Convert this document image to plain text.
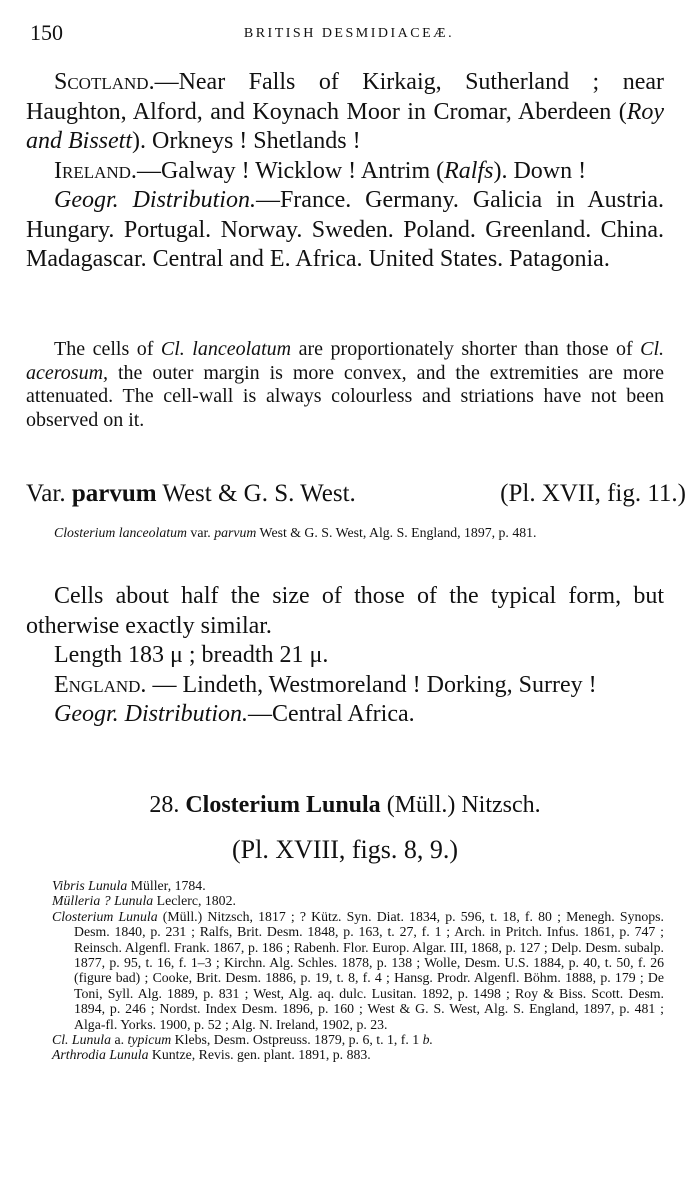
150	BRITISH DESMIDIACEÆ.
Scotland.—Near Falls of Kirkaig, Sutherland ; near Haughton, Alford, and Koynach Moor in Cromar, Aberdeen (Roy and Bissett). Orkneys ! Shetlands !
Ireland.—Galway ! Wicklow ! Antrim (Ralfs). Down !
Geogr. Distribution.—France. Germany. Galicia in Austria. Hungary. Portugal. Norway. Sweden. Poland. Greenland. China. Madagascar. Central and E. Africa. United States. Patagonia.
The cells of Cl. lanceolatum are proportionately shorter than those of Cl. acerosum, the outer margin is more convex, and the extremities are more attenuated. The cell-wall is always colourless and striations have not been observed on it.
Var. parvum West & G. S. West.	(Pl. XVII, fig. 11.)
Closterium lanceolatum var. parvum West & G. S. West, Alg. S. England, 1897, p. 481.
Cells about half the size of those of the typical form, but otherwise exactly similar.
Length 183 μ ; breadth 21 μ.
England. — Lindeth, Westmoreland ! Dorking, Surrey !
Geogr. Distribution.—Central Africa.
28. Closterium Lunula (Müll.) Nitzsch.
(Pl. XVIII, figs. 8, 9.)
Vibris Lunula Müller, 1784.
Mülleria ? Lunula Leclerc, 1802.
Closterium Lunula (Müll.) Nitzsch, 1817 ; ? Kütz. Syn. Diat. 1834, p. 596, t. 18, f. 80 ; Menegh. Synops. Desm. 1840, p. 231 ; Ralfs, Brit. Desm. 1848, p. 163, t. 27, f. 1 ; Arch. in Pritch. Infus. 1861, p. 747 ; Reinsch. Algenfl. Frank. 1867, p. 186 ; Rabenh. Flor. Europ. Algar. III, 1868, p. 127 ; Delp. Desm. subalp. 1877, p. 95, t. 16, f. 1–3 ; Kirchn. Alg. Schles. 1878, p. 138 ; Wolle, Desm. U.S. 1884, p. 40, t. 50, f. 26 (figure bad) ; Cooke, Brit. Desm. 1886, p. 19, t. 8, f. 4 ; Hansg. Prodr. Algenfl. Böhm. 1888, p. 179 ; De Toni, Syll. Alg. 1889, p. 831 ; West, Alg. aq. dulc. Lusitan. 1892, p. 1498 ; Roy & Biss. Scott. Desm. 1894, p. 246 ; Nordst. Index Desm. 1896, p. 160 ; West & G. S. West, Alg. S. England, 1897, p. 481 ; Alga-fl. Yorks. 1900, p. 52 ; Alg. N. Ireland, 1902, p. 23.
Cl. Lunula a. typicum Klebs, Desm. Ostpreuss. 1879, p. 6, t. 1, f. 1 b.
Arthrodia Lunula Kuntze, Revis. gen. plant. 1891, p. 883.
